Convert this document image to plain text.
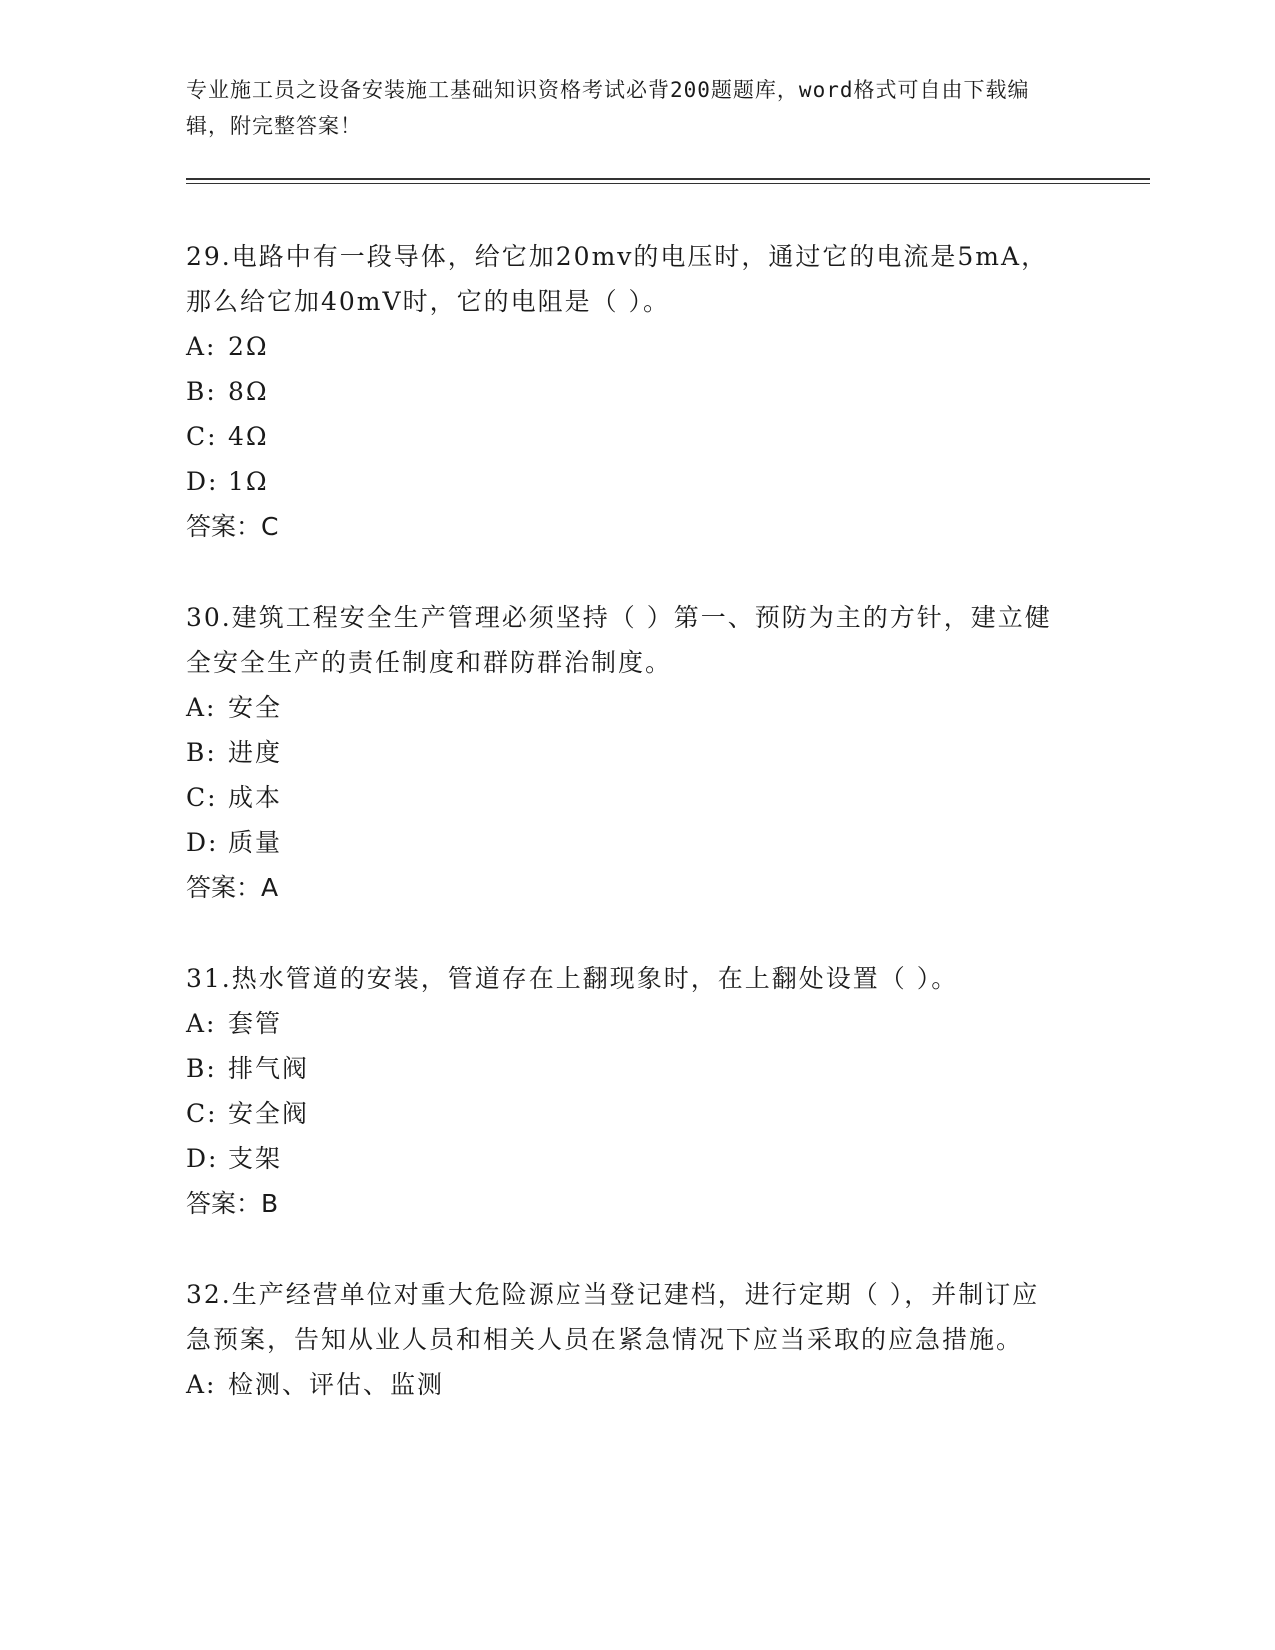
专业施工员之设备安装施工基础知识资格考试必背200题题库，word格式可自由下载编辑，附完整答案！

29.电路中有一段导体，给它加20mv的电压时，通过它的电流是5mA，那么给它加40mV时，它的电阻是（ ）。

A: 2Ω

B: 8Ω

C: 4Ω

D: 1Ω

答案：C

30.建筑工程安全生产管理必须坚持（ ）第一、预防为主的方针，建立健全安全生产的责任制度和群防群治制度。

A: 安全

B: 进度

C: 成本

D: 质量

答案：A

31.热水管道的安装，管道存在上翻现象时，在上翻处设置（ ）。

A: 套管

B: 排气阀

C: 安全阀

D: 支架

答案：B

32.生产经营单位对重大危险源应当登记建档，进行定期（ ），并制订应急预案，告知从业人员和相关人员在紧急情况下应当采取的应急措施。

A: 检测、评估、监测
